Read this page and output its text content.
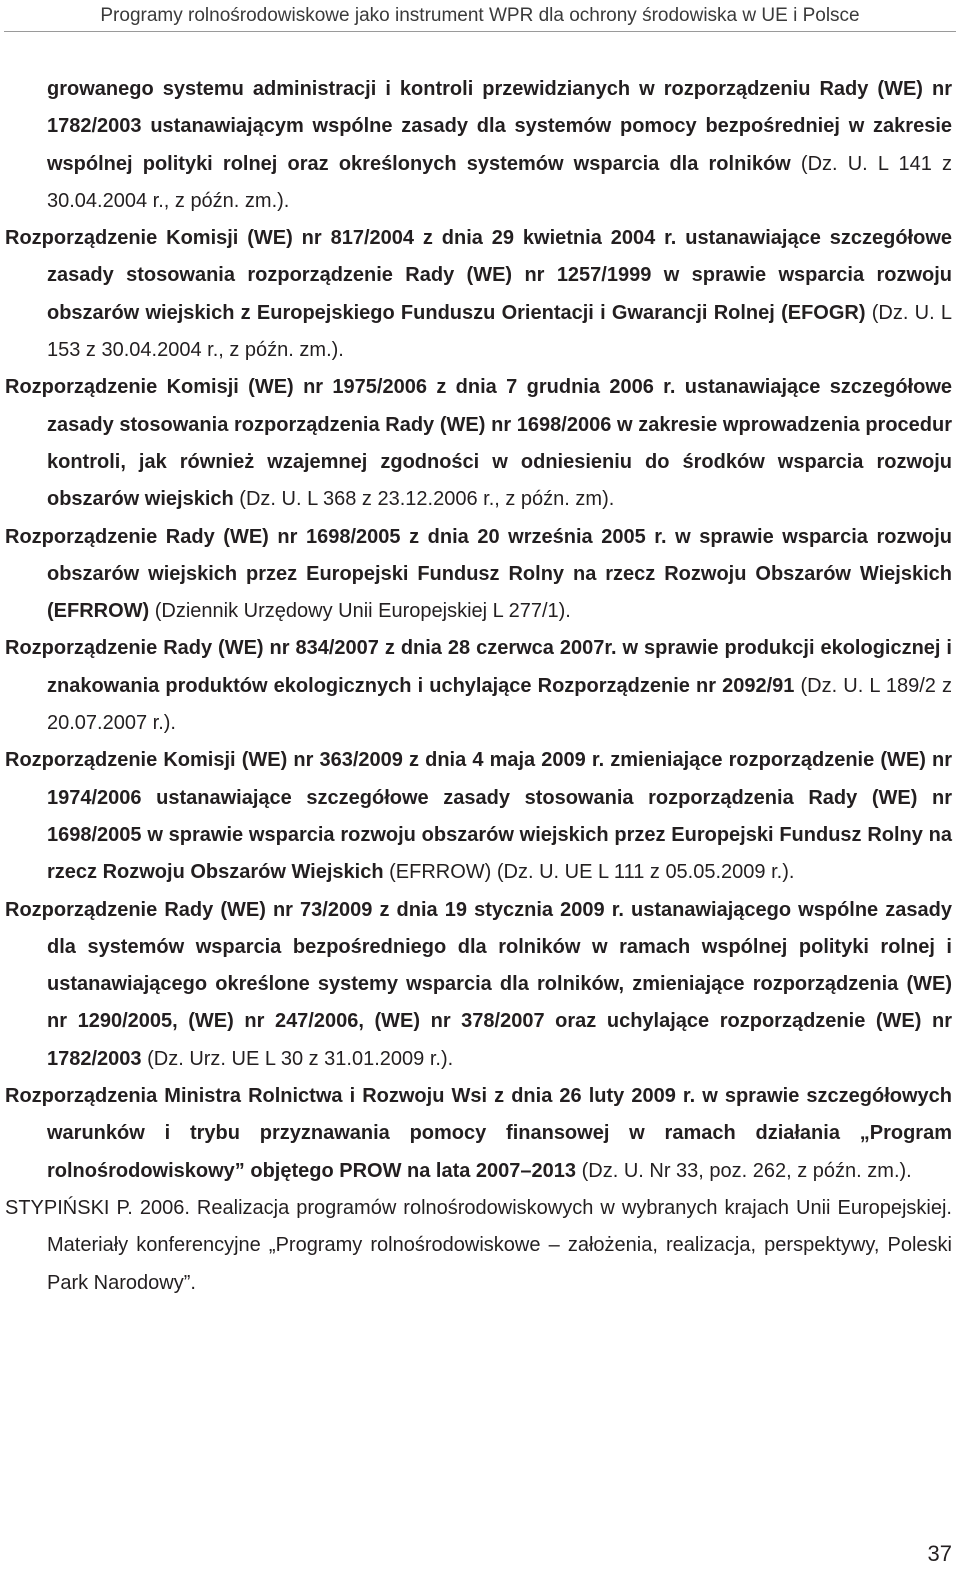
Programy rolnośrodowiskowe jako instrument WPR dla ochrony środowiska w UE i Polsce

growanego systemu administracji i kontroli przewidzianych w rozporządzeniu Rady (WE) nr 1782/2003 ustanawiającym wspólne zasady dla systemów pomocy bezpośredniej w zakresie wspólnej polityki rolnej oraz określonych systemów wsparcia dla rolników (Dz. U. L 141 z 30.04.2004 r., z późn. zm.).

Rozporządzenie Komisji (WE) nr 817/2004 z dnia 29 kwietnia 2004 r. ustanawiające szczegółowe zasady stosowania rozporządzenie Rady (WE) nr 1257/1999 w sprawie wsparcia rozwoju obszarów wiejskich z Europejskiego Funduszu Orientacji i Gwarancji Rolnej (EFOGR) (Dz. U. L 153 z 30.04.2004 r., z późn. zm.).

Rozporządzenie Komisji (WE) nr 1975/2006 z dnia 7 grudnia 2006 r. ustanawiające szczegółowe zasady stosowania rozporządzenia Rady (WE) nr 1698/2006 w zakresie wprowadzenia procedur kontroli, jak również wzajemnej zgodności w odniesieniu do środków wsparcia rozwoju obszarów wiejskich (Dz. U. L 368 z 23.12.2006 r., z późn. zm).

Rozporządzenie Rady (WE) nr 1698/2005 z dnia 20 września 2005 r. w sprawie wsparcia rozwoju obszarów wiejskich przez Europejski Fundusz Rolny na rzecz Rozwoju Obszarów Wiejskich (EFRROW) (Dziennik Urzędowy Unii Europejskiej L 277/1).

Rozporządzenie Rady (WE) nr 834/2007 z dnia 28 czerwca 2007r. w sprawie produkcji ekologicznej i znakowania produktów ekologicznych i uchylające Rozporządzenie nr 2092/91 (Dz. U. L 189/2 z 20.07.2007 r.).

Rozporządzenie Komisji (WE) nr 363/2009 z dnia 4 maja 2009 r. zmieniające rozporządzenie (WE) nr 1974/2006 ustanawiające szczegółowe zasady stosowania rozporządzenia Rady (WE) nr 1698/2005 w sprawie wsparcia rozwoju obszarów wiejskich przez Europejski Fundusz Rolny na rzecz Rozwoju Obszarów Wiejskich (EFRROW) (Dz. U. UE L 111 z 05.05.2009 r.).

Rozporządzenie Rady (WE) nr 73/2009 z dnia 19 stycznia 2009 r. ustanawiającego wspólne zasady dla systemów wsparcia bezpośredniego dla rolników w ramach wspólnej polityki rolnej i ustanawiającego określone systemy wsparcia dla rolników, zmieniające rozporządzenia (WE) nr 1290/2005, (WE) nr 247/2006, (WE) nr 378/2007 oraz uchylające rozporządzenie (WE) nr 1782/2003 (Dz. Urz. UE L 30 z 31.01.2009 r.).

Rozporządzenia Ministra Rolnictwa i Rozwoju Wsi z dnia 26 luty 2009 r. w sprawie szczegółowych warunków i trybu przyznawania pomocy finansowej w ramach działania „Program rolnośrodowiskowy” objętego PROW na lata 2007–2013 (Dz. U. Nr 33, poz. 262, z późn. zm.).

STYPIŃSKI P. 2006. Realizacja programów rolnośrodowiskowych w wybranych krajach Unii Europejskiej. Materiały konferencyjne „Programy rolnośrodowiskowe – założenia, realizacja, perspektywy, Poleski Park Narodowy”.

37
